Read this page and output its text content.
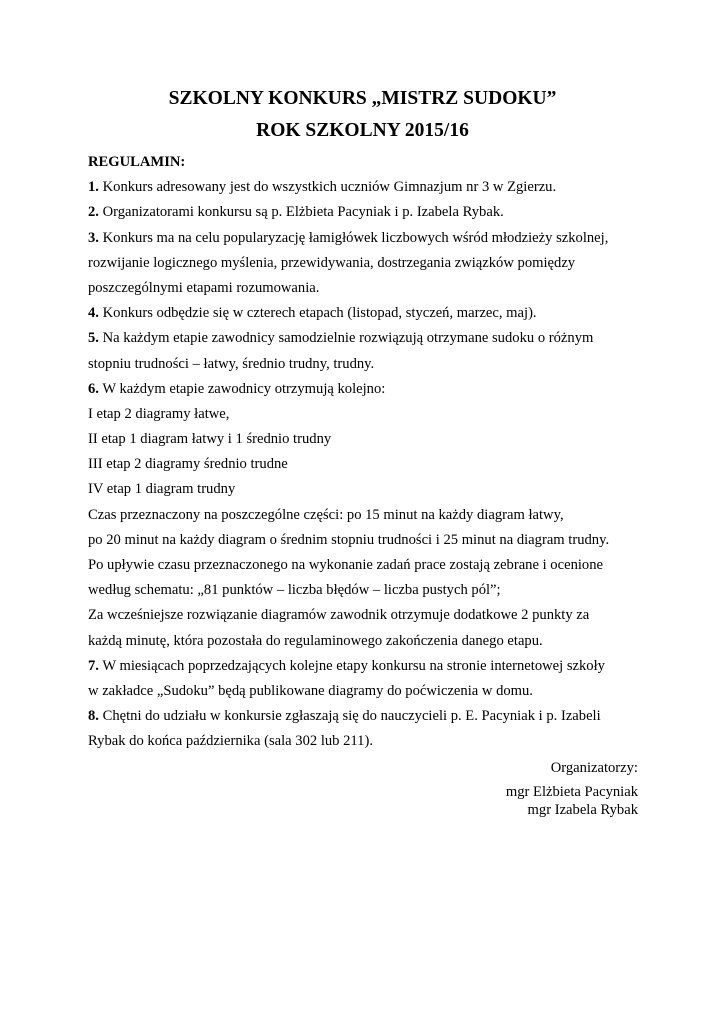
SZKOLNY KONKURS „MISTRZ SUDOKU”
ROK SZKOLNY 2015/16
REGULAMIN:
1. Konkurs adresowany jest do wszystkich uczniów Gimnazjum nr 3 w Zgierzu.
2. Organizatorami konkursu są p. Elżbieta Pacyniak i p. Izabela Rybak.
3. Konkurs ma na celu popularyzację łamigłówek liczbowych wśród młodzieży szkolnej,
rozwijanie logicznego myślenia, przewidywania, dostrzegania związków pomiędzy
poszczególnymi etapami rozumowania.
4. Konkurs odbędzie się w czterech etapach (listopad, styczeń, marzec, maj).
5. Na każdym etapie zawodnicy samodzielnie rozwiązują otrzymane sudoku o różnym
stopniu trudności – łatwy, średnio trudny, trudny.
6. W każdym etapie zawodnicy otrzymują kolejno:
I etap 2 diagramy łatwe,
II etap 1 diagram łatwy i 1 średnio trudny
III etap 2 diagramy średnio trudne
IV etap 1 diagram trudny
Czas przeznaczony na poszczególne części: po 15 minut na każdy diagram łatwy,
po 20 minut na każdy diagram o średnim stopniu trudności i 25 minut na diagram trudny.
Po upływie czasu przeznaczonego na wykonanie zadań prace zostają zebrane i ocenione
według schematu: „81 punktów – liczba błędów – liczba pustych pól”;
Za wcześniejsze rozwiązanie diagramów zawodnik otrzymuje dodatkowe 2 punkty za
każdą minutę, która pozostała do regulaminowego zakończenia danego etapu.
7. W miesiącach poprzedzających kolejne etapy konkursu na stronie internetowej szkoły
w zakładce „Sudoku” będą publikowane diagramy do poćwiczenia w domu.
8. Chętni do udziału w konkursie zgłaszają się do nauczycieli p. E. Pacyniak i p. Izabeli
Rybak do końca października (sala 302 lub 211).
Organizatorzy:
mgr Elżbieta Pacyniak
mgr Izabela Rybak
